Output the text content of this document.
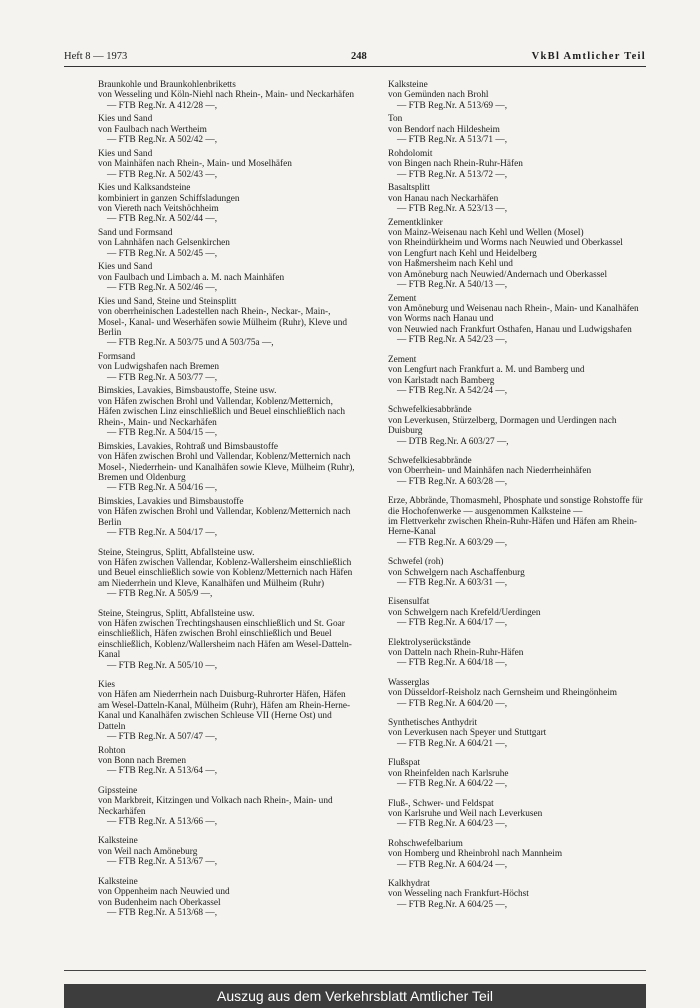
Heft 8 — 1973	248	VkBl Amtlicher Teil
Braunkohle und Braunkohlenbriketts
von Wesseling und Köln-Niehl nach Rhein-, Main- und Neckarhäfen
— FTB Reg.Nr. A 412/28 —,
Kies und Sand
von Faulbach nach Wertheim
— FTB Reg.Nr. A 502/42 —,
Kies und Sand
von Mainhäfen nach Rhein-, Main- und Moselhäfen
— FTB Reg.Nr. A 502/43 —,
Kies und Kalksandsteine
kombiniert in ganzen Schiffsladungen
von Viereth nach Veitshöchheim
— FTB Reg.Nr. A 502/44 —,
Sand und Formsand
von Lahnhäfen nach Gelsenkirchen
— FTB Reg.Nr. A 502/45 —,
Kies und Sand
von Faulbach und Limbach a. M. nach Mainhäfen
— FTB Reg.Nr. A 502/46 —,
Kies und Sand, Steine und Steinsplitt
von oberrheinischen Ladestellen nach Rhein-, Neckar-, Main-, Mosel-, Kanal- und Weserhäfen sowie Mülheim (Ruhr), Kleve und Berlin
— FTB Reg.Nr. A 503/75 und A 503/75a —,
Formsand
von Ludwigshafen nach Bremen
— FTB Reg.Nr. A 503/77 —,
Bimskies, Lavakies, Bimsbaustoffe, Steine usw.
von Häfen zwischen Brohl und Vallendar, Koblenz/Metternich, Häfen zwischen Linz einschließlich und Beuel einschließlich nach Rhein-, Main- und Neckarhäfen
— FTB Reg.Nr. A 504/15 —,
Bimskies, Lavakies, Rohtraß und Bimsbaustoffe
von Häfen zwischen Brohl und Vallendar, Koblenz/Metternich nach Mosel-, Niederrhein- und Kanalhäfen sowie Kleve, Mülheim (Ruhr), Bremen und Oldenburg
— FTB Reg.Nr. A 504/16 —,
Bimskies, Lavakies und Bimsbaustoffe
von Häfen zwischen Brohl und Vallendar, Koblenz/Metternich nach Berlin
— FTB Reg.Nr. A 504/17 —,
Steine, Steingrus, Splitt, Abfallsteine usw.
von Häfen zwischen Vallendar, Koblenz-Wallersheim einschließlich und Beuel einschließlich sowie von Koblenz/Metternich nach Häfen am Niederrhein und Kleve, Kanalhäfen und Mülheim (Ruhr)
— FTB Reg.Nr. A 505/9 —,
Steine, Steingrus, Splitt, Abfallsteine usw.
von Häfen zwischen Trechtingshausen einschließlich und St. Goar einschließlich, Häfen zwischen Brohl einschließlich und Beuel einschließlich, Koblenz/Wallersheim nach Häfen am Wesel-Datteln-Kanal
— FTB Reg.Nr. A 505/10 —,
Kies
von Häfen am Niederrhein nach Duisburg-Ruhrorter Häfen, Häfen am Wesel-Datteln-Kanal, Mülheim (Ruhr), Häfen am Rhein-Herne-Kanal und Kanalhäfen zwischen Schleuse VII (Herne Ost) und Datteln
— FTB Reg.Nr. A 507/47 —,
Rohton
von Bonn nach Bremen
— FTB Reg.Nr. A 513/64 —,
Gipssteine
von Markbreit, Kitzingen und Volkach nach Rhein-, Main- und Neckarhäfen
— FTB Reg.Nr. A 513/66 —,
Kalksteine
von Weil nach Amöneburg
— FTB Reg.Nr. A 513/67 —,
Kalksteine
von Oppenheim nach Neuwied und
von Budenheim nach Oberkassel
— FTB Reg.Nr. A 513/68 —,
Kalksteine
von Gemünden nach Brohl
— FTB Reg.Nr. A 513/69 —,
Ton
von Bendorf nach Hildesheim
— FTB Reg.Nr. A 513/71 —,
Rohdolomit
von Bingen nach Rhein-Ruhr-Häfen
— FTB Reg.Nr. A 513/72 —,
Basaltsplitt
von Hanau nach Neckarhäfen
— FTB Reg.Nr. A 523/13 —,
Zementklinker
von Mainz-Weisenau nach Kehl und Wellen (Mosel)
von Rheindürkheim und Worms nach Neuwied und Oberkassel
von Lengfurt nach Kehl und Heidelberg
von Haßmersheim nach Kehl und
von Amöneburg nach Neuwied/Andernach und Oberkassel
— FTB Reg.Nr. A 540/13 —,
Zement
von Amöneburg und Weisenau nach Rhein-, Main- und Kanalhäfen
von Worms nach Hanau und
von Neuwied nach Frankfurt Osthafen, Hanau und Ludwigshafen
— FTB Reg.Nr. A 542/23 —,
Zement
von Lengfurt nach Frankfurt a. M. und Bamberg und
von Karlstadt nach Bamberg
— FTB Reg.Nr. A 542/24 —,
Schwefelkiesabbrände
von Leverkusen, Stürzelberg, Dormagen und Uerdingen nach Duisburg
— DTB Reg.Nr. A 603/27 —,
Schwefelkiesabbrände
von Oberrhein- und Mainhäfen nach Niederrheinhäfen
— FTB Reg.Nr. A 603/28 —,
Erze, Abbrände, Thomasmehl, Phosphate und sonstige Rohstoffe für die Hochofenwerke — ausgenommen Kalksteine —
im Flettverkehr zwischen Rhein-Ruhr-Häfen und Häfen am Rhein-Herne-Kanal
— FTB Reg.Nr. A 603/29 —,
Schwefel (roh)
von Schwelgern nach Aschaffenburg
— FTB Reg.Nr. A 603/31 —,
Eisensulfat
von Schwelgern nach Krefeld/Uerdingen
— FTB Reg.Nr. A 604/17 —,
Elektrolyserückstände
von Datteln nach Rhein-Ruhr-Häfen
— FTB Reg.Nr. A 604/18 —,
Wasserglas
von Düsseldorf-Reisholz nach Gernsheim und Rheingönheim
— FTB Reg.Nr. A 604/20 —,
Synthetisches Anthydrit
von Leverkusen nach Speyer und Stuttgart
— FTB Reg.Nr. A 604/21 —,
Flußspat
von Rheinfelden nach Karlsruhe
— FTB Reg.Nr. A 604/22 —,
Fluß-, Schwer- und Feldspat
von Karlsruhe und Weil nach Leverkusen
— FTB Reg.Nr. A 604/23 —,
Rohschwefelbarium
von Homberg und Rheinbrohl nach Mannheim
— FTB Reg.Nr. A 604/24 —,
Kalkhydrat
von Wesseling nach Frankfurt-Höchst
— FTB Reg.Nr. A 604/25 —,
Auszug aus dem Verkehrsblatt Amtlicher Teil
